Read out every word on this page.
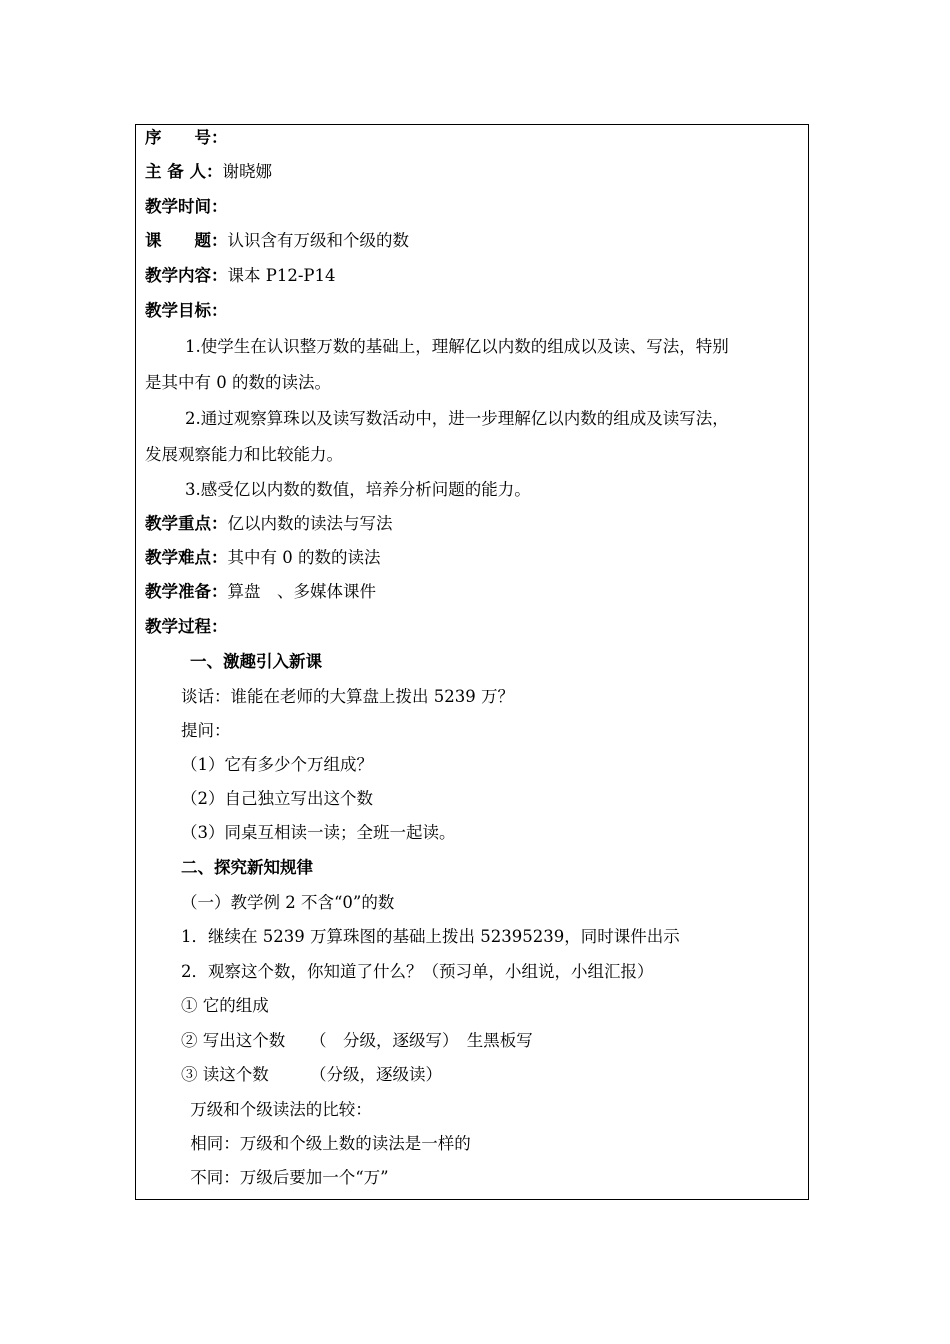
序　　号：
主 备 人：谢晓娜
教学时间：
课　　题：认识含有万级和个级的数
教学内容：课本 P12-P14
教学目标：
1.使学生在认识整万数的基础上，理解亿以内数的组成以及读、写法，特别
是其中有 0 的数的读法。
2.通过观察算珠以及读写数活动中，进一步理解亿以内数的组成及读写法，
发展观察能力和比较能力。
3.感受亿以内数的数值，培养分析问题的能力。
教学重点：亿以内数的读法与写法
教学难点：其中有 0 的数的读法
教学准备：算盘　、多媒体课件
教学过程：
一、激趣引入新课
谈话：谁能在老师的大算盘上拨出 5239 万？
提问：
（1）它有多少个万组成？
（2）自己独立写出这个数
（3）同桌互相读一读；全班一起读。
二、探究新知规律
（一）教学例 2 不含“0”的数
1．继续在 5239 万算珠图的基础上拨出 52395239，同时课件出示
2．观察这个数，你知道了什么？（预习单，小组说，小组汇报）
① 它的组成
② 写出这个数　　（　分级，逐级写）　生黑板写
③ 读这个数　　　（分级，逐级读）
万级和个级读法的比较：
相同：万级和个级上数的读法是一样的
不同：万级后要加一个“万”
